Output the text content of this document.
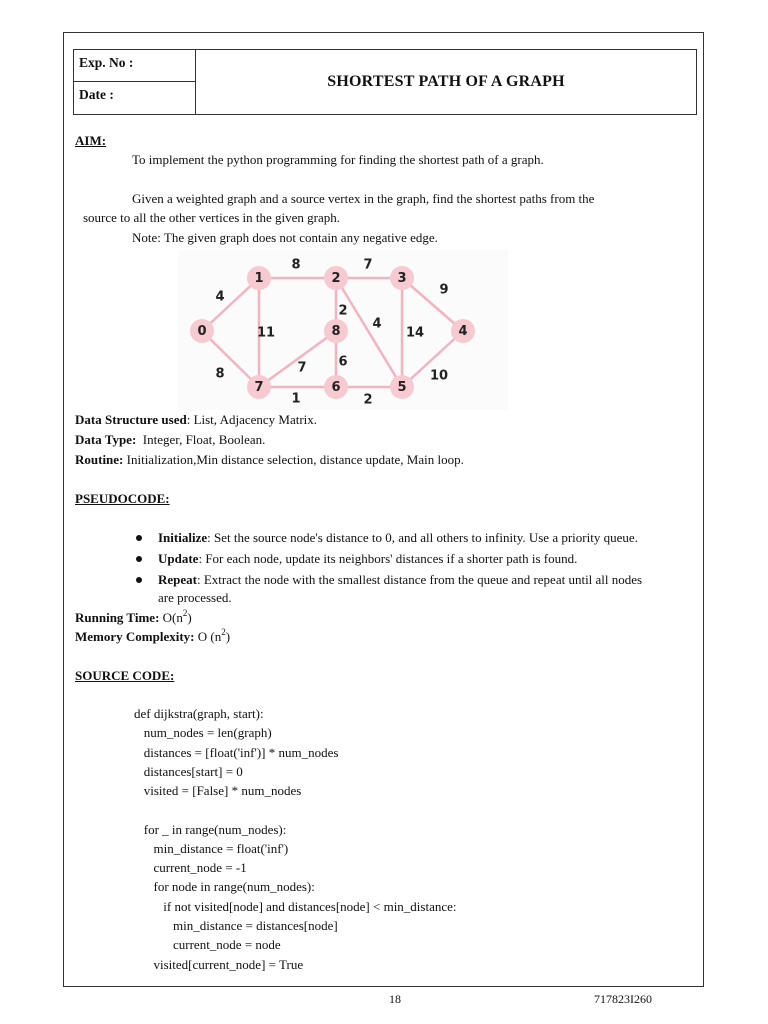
Exp. No :
Date :
SHORTEST PATH OF A GRAPH
AIM:
To implement the python programming for finding the shortest path of a graph.
Given a weighted graph and a source vertex in the graph, find the shortest paths from the
source to all the other vertices in the given graph.
Note: The given graph does not contain any negative edge.
4
8	7
9
8
11
2
4
14
7 6
1	2
10
0
1	2	3
4
5
6
7
8
Data Structure used: List, Adjacency Matrix.
Data Type:  Integer, Float, Boolean.
Routine: Initialization,Min distance selection, distance update, Main loop.
PSEUDOCODE:
Initialize: Set the source node's distance to 0, and all others to infinity. Use a priority queue.
Update: For each node, update its neighbors' distances if a shorter path is found.
Repeat: Extract the node with the smallest distance from the queue and repeat until all nodes
are processed.
Running Time: $O(n^2)$
Memory Complexity: O $(n^2)$
SOURCE CODE:
def dijkstra(graph, start):
num_nodes = len(graph)
distances = [float('inf')] * num_nodes
distances[start] = 0
visited = [False] * num_nodes
for _ in range(num_nodes):
min_distance = float('inf')
current_node = -1
for node in range(num_nodes):
if not visited[node] and distances[node] < min_distance:
min_distance = distances[node]
current_node = node
visited[current_node] = True
18	717823I260
